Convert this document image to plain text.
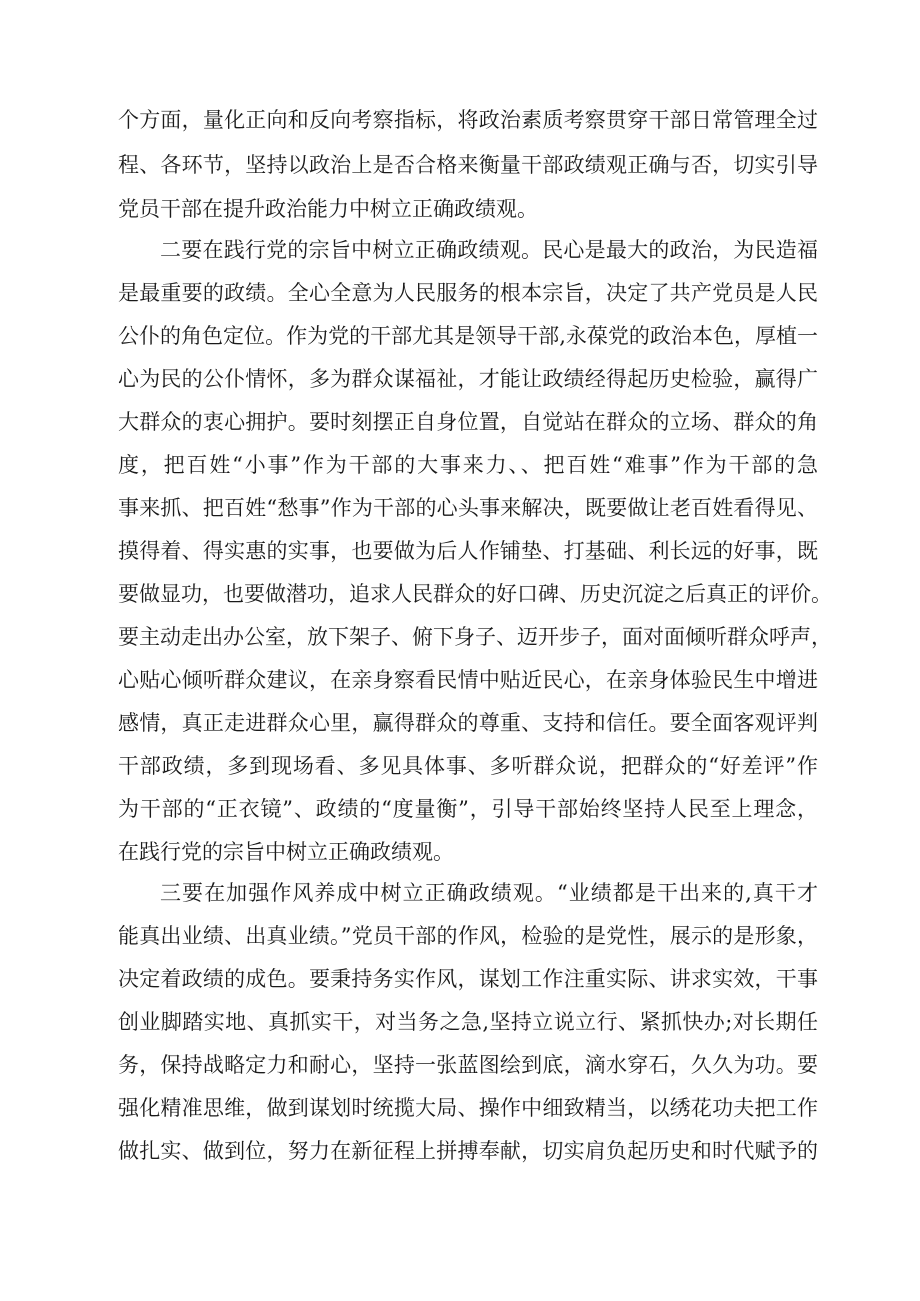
个方面，量化正向和反向考察指标，将政治素质考察贯穿干部日常管理全过
程、各环节，坚持以政治上是否合格来衡量干部政绩观正确与否，切实引导
党员干部在提升政治能力中树立正确政绩观。
二要在践行党的宗旨中树立正确政绩观。民心是最大的政治，为民造福
是最重要的政绩。全心全意为人民服务的根本宗旨，决定了共产党员是人民
公仆的角色定位。作为党的干部尤其是领导干部,永葆党的政治本色，厚植一
心为民的公仆情怀，多为群众谋福祉，才能让政绩经得起历史检验，赢得广
大群众的衷心拥护。要时刻摆正自身位置，自觉站在群众的立场、群众的角
度，把百姓“小事”作为干部的大事来力、、把百姓“难事”作为干部的急
事来抓、把百姓“愁事”作为干部的心头事来解决，既要做让老百姓看得见、
摸得着、得实惠的实事，也要做为后人作铺垫、打基础、利长远的好事，既
要做显功，也要做潜功，追求人民群众的好口碑、历史沉淀之后真正的评价。
要主动走出办公室，放下架子、俯下身子、迈开步子，面对面倾听群众呼声，
心贴心倾听群众建议，在亲身察看民情中贴近民心，在亲身体验民生中增进
感情，真正走进群众心里，赢得群众的尊重、支持和信任。要全面客观评判
干部政绩，多到现场看、多见具体事、多听群众说，把群众的“好差评”作
为干部的“正衣镜”、政绩的“度量衡”，引导干部始终坚持人民至上理念，
在践行党的宗旨中树立正确政绩观。
三要在加强作风养成中树立正确政绩观。“业绩都是干出来的,真干才
能真出业绩、出真业绩。”党员干部的作风，检验的是党性，展示的是形象，
决定着政绩的成色。要秉持务实作风，谋划工作注重实际、讲求实效，干事
创业脚踏实地、真抓实干，对当务之急,坚持立说立行、紧抓快办;对长期任
务，保持战略定力和耐心，坚持一张蓝图绘到底，滴水穿石，久久为功。要
强化精准思维，做到谋划时统揽大局、操作中细致精当，以绣花功夫把工作
做扎实、做到位，努力在新征程上拼搏奉献，切实肩负起历史和时代赋予的
